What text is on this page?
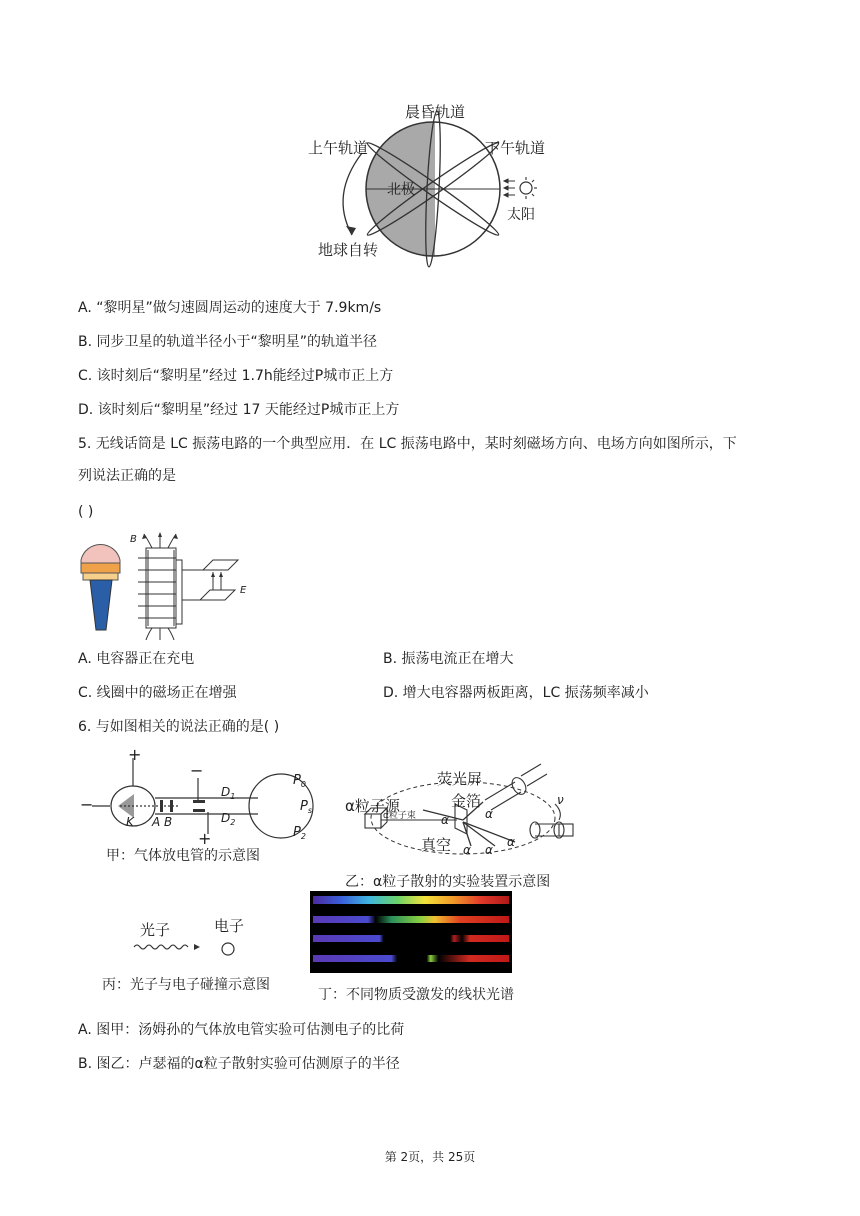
晨昏轨道
上午轨道	下午轨道
北极
太阳
地球自转
A. “黎明星”做匀速圆周运动的速度大于 7.9km/s
B. 同步卫星的轨道半径小于“黎明星”的轨道半径
C. 该时刻后“黎明星”经过 1.7h能经过P城市正上方
D. 该时刻后“黎明星”经过 17 天能经过P城市正上方
5. 无线话筒是 LC 振荡电路的一个典型应用．在 LC 振荡电路中，某时刻磁场方向、电场方向如图所示，下
列说法正确的是
( )
B
E
A. 电容器正在充电	B. 振荡电流正在增大
C. 线圈中的磁场正在增强	D. 增大电容器两板距离，LC 振荡频率减小
6. 与如图相关的说法正确的是( )
+
−
−
+
K A B
$D_1$
$D_2$
$P_0$
$P_s$
$P_2$
甲：气体放电管的示意图
荧光屏
金箔
α粒子源
α粒子束
真空
α	α
α α
α
ν
乙：α粒子散射的实验装置示意图
光子	电子
丙：光子与电子碰撞示意图
丁：不同物质受激发的线状光谱
A. 图甲：汤姆孙的气体放电管实验可估测电子的比荷
B. 图乙：卢瑟福的α粒子散射实验可估测原子的半径
第 2页，共 25页
